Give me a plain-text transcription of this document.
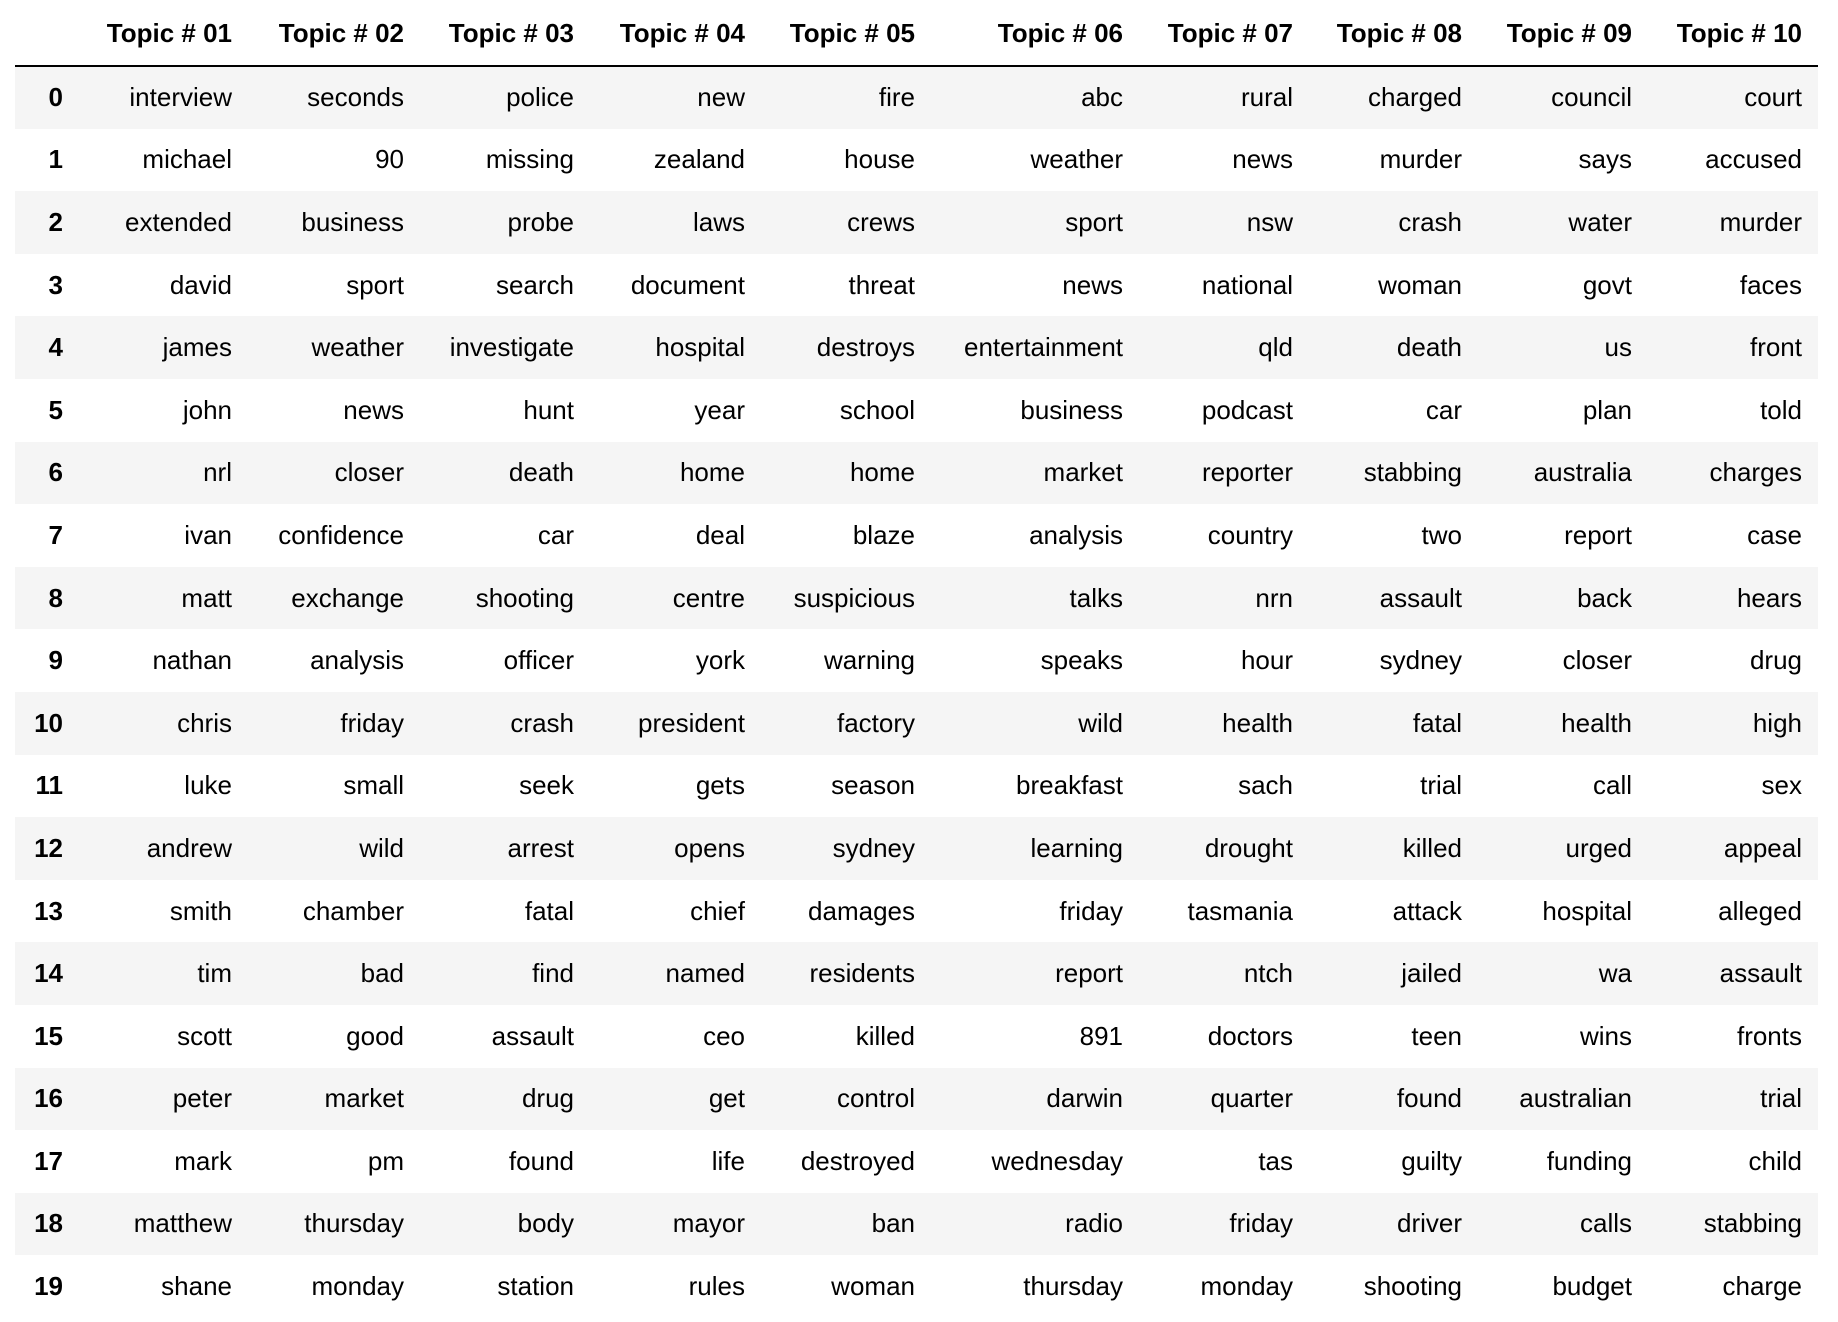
	Topic # 01	Topic # 02	Topic # 03	Topic # 04	Topic # 05	Topic # 06	Topic # 07	Topic # 08	Topic # 09	Topic # 10
0	interview	seconds	police	new	fire	abc	rural	charged	council	court
1	michael	90	missing	zealand	house	weather	news	murder	says	accused
2	extended	business	probe	laws	crews	sport	nsw	crash	water	murder
3	david	sport	search	document	threat	news	national	woman	govt	faces
4	james	weather	investigate	hospital	destroys	entertainment	qld	death	us	front
5	john	news	hunt	year	school	business	podcast	car	plan	told
6	nrl	closer	death	home	home	market	reporter	stabbing	australia	charges
7	ivan	confidence	car	deal	blaze	analysis	country	two	report	case
8	matt	exchange	shooting	centre	suspicious	talks	nrn	assault	back	hears
9	nathan	analysis	officer	york	warning	speaks	hour	sydney	closer	drug
10	chris	friday	crash	president	factory	wild	health	fatal	health	high
11	luke	small	seek	gets	season	breakfast	sach	trial	call	sex
12	andrew	wild	arrest	opens	sydney	learning	drought	killed	urged	appeal
13	smith	chamber	fatal	chief	damages	friday	tasmania	attack	hospital	alleged
14	tim	bad	find	named	residents	report	ntch	jailed	wa	assault
15	scott	good	assault	ceo	killed	891	doctors	teen	wins	fronts
16	peter	market	drug	get	control	darwin	quarter	found	australian	trial
17	mark	pm	found	life	destroyed	wednesday	tas	guilty	funding	child
18	matthew	thursday	body	mayor	ban	radio	friday	driver	calls	stabbing
19	shane	monday	station	rules	woman	thursday	monday	shooting	budget	charge
